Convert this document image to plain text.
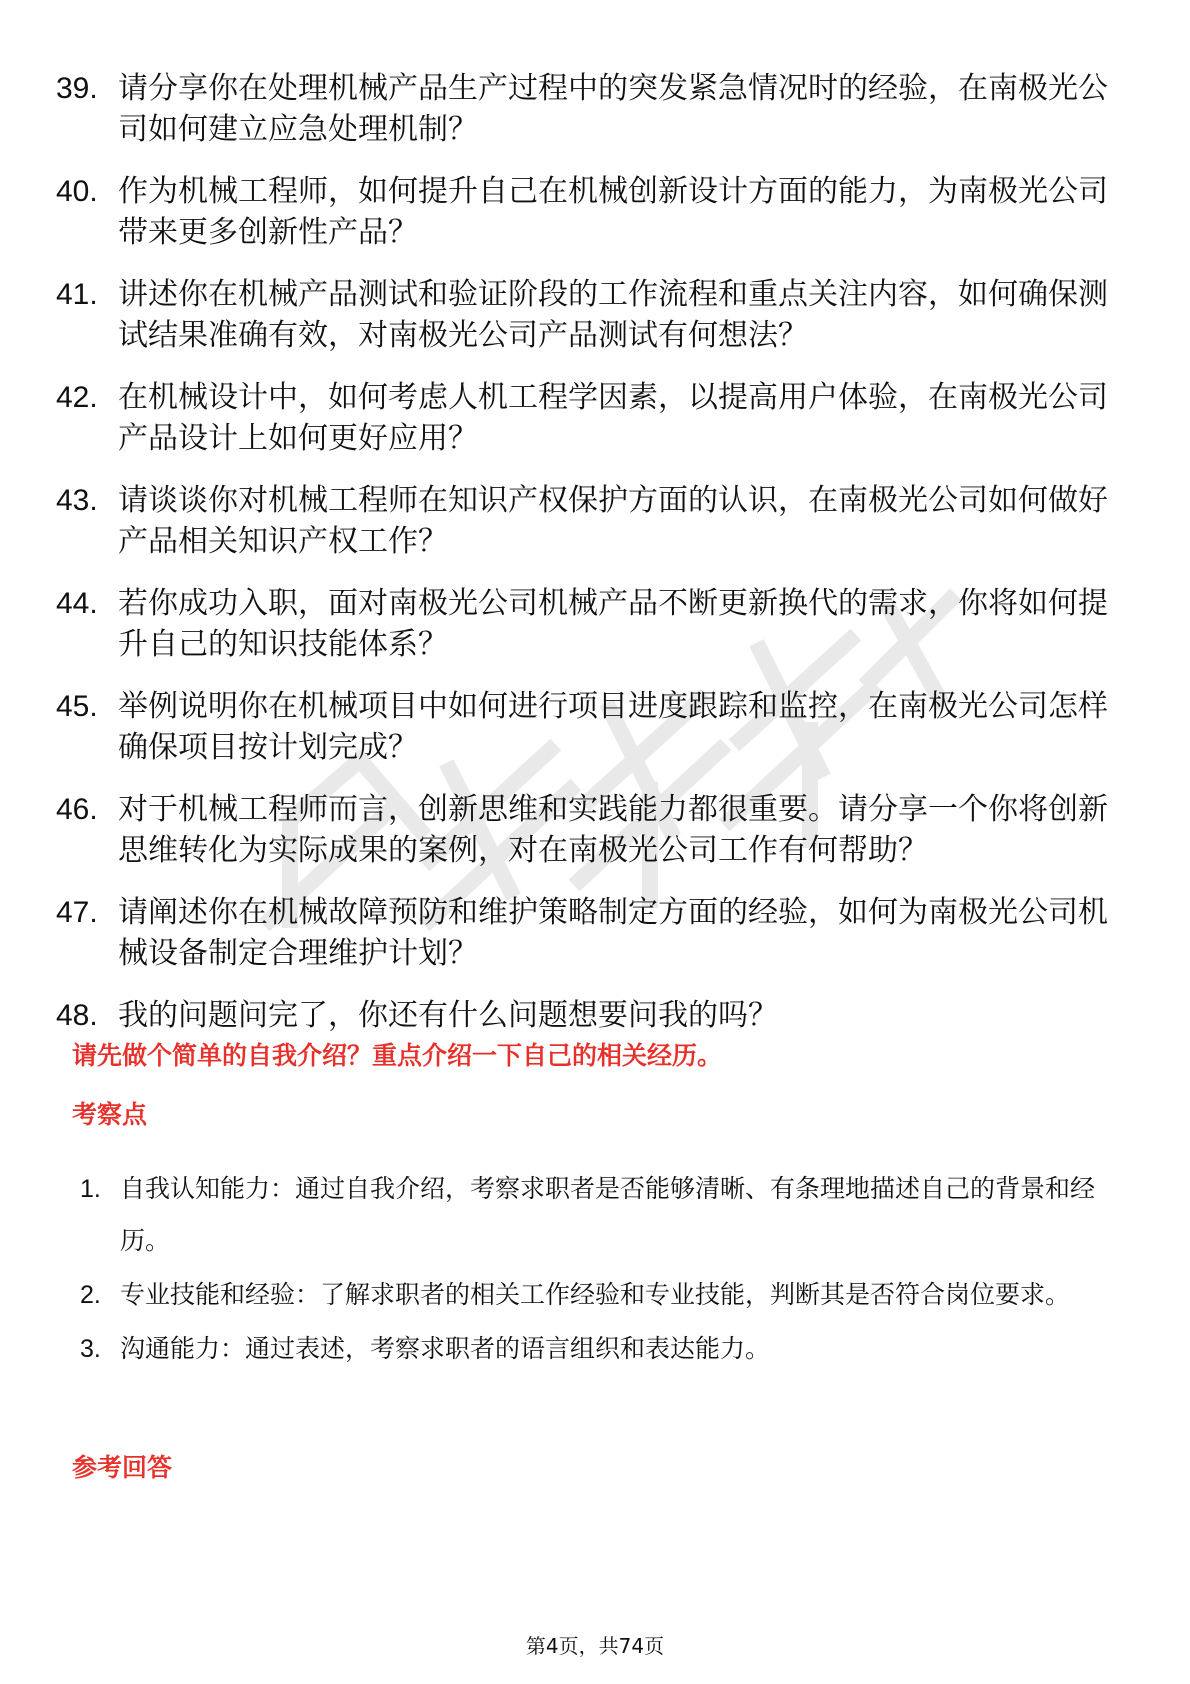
39. 请分享你在处理机械产品生产过程中的突发紧急情况时的经验，在南极光公司如何建立应急处理机制？
40. 作为机械工程师，如何提升自己在机械创新设计方面的能力，为南极光公司带来更多创新性产品？
41. 讲述你在机械产品测试和验证阶段的工作流程和重点关注内容，如何确保测试结果准确有效，对南极光公司产品测试有何想法？
42. 在机械设计中，如何考虑人机工程学因素，以提高用户体验，在南极光公司产品设计上如何更好应用？
43. 请谈谈你对机械工程师在知识产权保护方面的认识，在南极光公司如何做好产品相关知识产权工作？
44. 若你成功入职，面对南极光公司机械产品不断更新换代的需求，你将如何提升自己的知识技能体系？
45. 举例说明你在机械项目中如何进行项目进度跟踪和监控，在南极光公司怎样确保项目按计划完成？
46. 对于机械工程师而言，创新思维和实践能力都很重要。请分享一个你将创新思维转化为实际成果的案例，对在南极光公司工作有何帮助？
47. 请阐述你在机械故障预防和维护策略制定方面的经验，如何为南极光公司机械设备制定合理维护计划？
48. 我的问题问完了，你还有什么问题想要问我的吗？
请先做个简单的自我介绍？重点介绍一下自己的相关经历。
考察点
1. 自我认知能力：通过自我介绍，考察求职者是否能够清晰、有条理地描述自己的背景和经历。
2. 专业技能和经验：了解求职者的相关工作经验和专业技能，判断其是否符合岗位要求。
3. 沟通能力：通过表述，考察求职者的语言组织和表达能力。
参考回答
第4页，共74页
